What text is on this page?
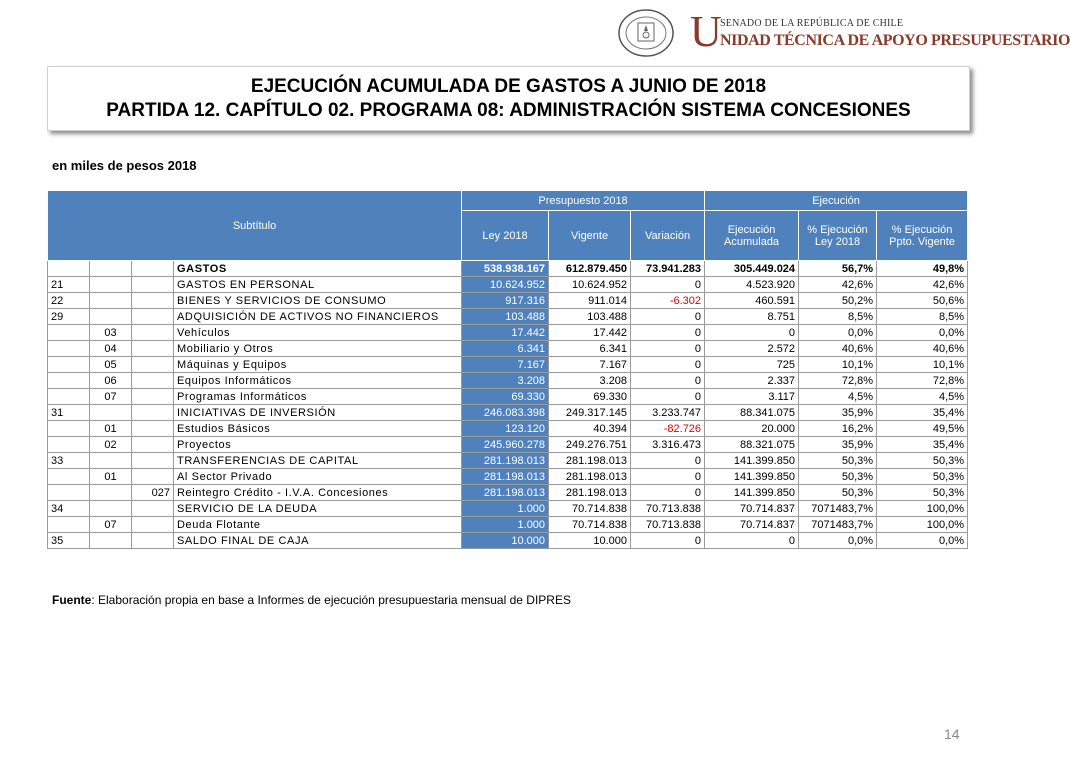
U
SENADO DE LA REPÚBLICA DE CHILE
NIDAD TÉCNICA DE APOYO PRESUPUESTARIO
EJECUCIÓN ACUMULADA DE GASTOS A JUNIO DE 2018
PARTIDA 12. CAPÍTULO 02. PROGRAMA 08: ADMINISTRACIÓN SISTEMA CONCESIONES
en miles de pesos 2018
Subtítulo				Presupuesto 2018			Ejecución		
				Ley 2018	Vigente	Variación	Ejecución Acumulada	% Ejecución Ley 2018	% Ejecución Ppto. Vigente
			GASTOS	538.938.167	612.879.450	73.941.283	305.449.024	56,7%	49,8%
21			GASTOS EN PERSONAL	10.624.952	10.624.952	0	4.523.920	42,6%	42,6%
22			BIENES Y SERVICIOS DE CONSUMO	917.316	911.014	-6.302	460.591	50,2%	50,6%
29			ADQUISICIÓN DE ACTIVOS NO FINANCIEROS	103.488	103.488	0	8.751	8,5%	8,5%
	03		Vehículos	17.442	17.442	0	0	0,0%	0,0%
	04		Mobiliario y Otros	6.341	6.341	0	2.572	40,6%	40,6%
	05		Máquinas y Equipos	7.167	7.167	0	725	10,1%	10,1%
	06		Equipos Informáticos	3.208	3.208	0	2.337	72,8%	72,8%
	07		Programas Informáticos	69.330	69.330	0	3.117	4,5%	4,5%
31			INICIATIVAS DE INVERSIÓN	246.083.398	249.317.145	3.233.747	88.341.075	35,9%	35,4%
	01		Estudios Básicos	123.120	40.394	-82.726	20.000	16,2%	49,5%
	02		Proyectos	245.960.278	249.276.751	3.316.473	88.321.075	35,9%	35,4%
33			TRANSFERENCIAS DE CAPITAL	281.198.013	281.198.013	0	141.399.850	50,3%	50,3%
	01		Al Sector Privado	281.198.013	281.198.013	0	141.399.850	50,3%	50,3%
		027	Reintegro Crédito - I.V.A. Concesiones	281.198.013	281.198.013	0	141.399.850	50,3%	50,3%
34			SERVICIO DE LA DEUDA	1.000	70.714.838	70.713.838	70.714.837	7071483,7%	100,0%
	07		Deuda Flotante	1.000	70.714.838	70.713.838	70.714.837	7071483,7%	100,0%
35			SALDO FINAL DE CAJA	10.000	10.000	0	0	0,0%	0,0%
Fuente: Elaboración propia en base a Informes de ejecución presupuestaria mensual de DIPRES
14
